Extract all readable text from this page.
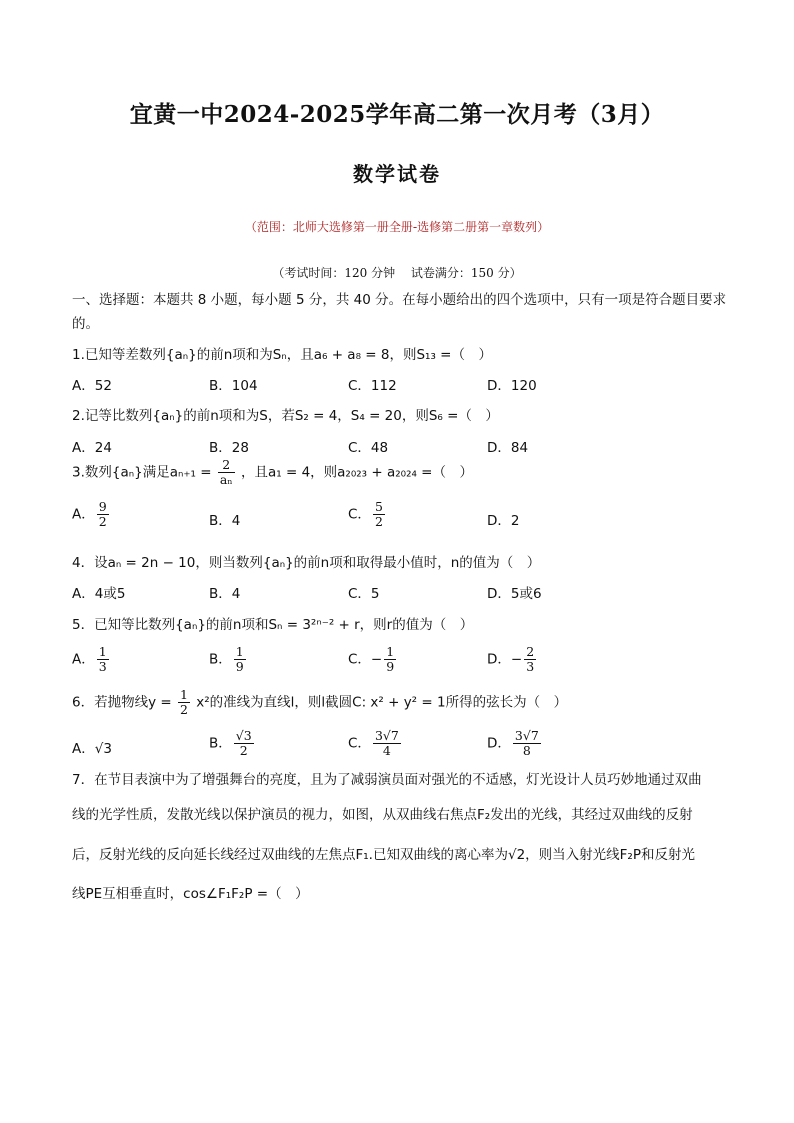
宜黄一中2024-2025学年高二第一次月考（3月）
数学试卷
（范围：北师大选修第一册全册-选修第二册第一章数列）
（考试时间：120 分钟　 试卷满分：150 分）
一、选择题：本题共 8 小题，每小题 5 分，共 40 分。在每小题给出的四个选项中，只有一项是符合题目要求的。
1.已知等差数列{aₙ}的前n项和为Sₙ，且a₆ + a₈ = 8，则S₁₃ =（　）
A．52	B．104	C．112	D．120
2.记等比数列{aₙ}的前n项和为S，若S₂ = 4，S₄ = 20，则S₆ =（　）
A．24	B．28	C．48	D．84
3.数列{aₙ}满足$a_{n+1} = \frac{2}{\text{aₙ}}$ ，且a₁ = 4，则a₂₀₂₃ + a₂₀₂₄ =（　）
A． $\frac{9}{2}$	B．4	C． $\frac{5}{2}$	D．2
4．设aₙ = 2n − 10，则当数列{aₙ}的前n项和取得最小值时，n的值为（　）
A．4或5	B．4	C．5	D．5或6
5．已知等比数列{aₙ}的前n项和Sₙ = 3²ⁿ⁻² + r，则r的值为（　）
A． $\frac{1}{3}$	B． $\frac{1}{9}$	C．− $\frac{1}{9}$	D．− $\frac{2}{3}$
6．若抛物线$y = \frac{1}{2} x^2$的准线为直线l，则l截圆C: x² + y² = 1所得的弦长为（　）
A．√3	B． $\frac{√3}{2}$	C． $\frac{3√7}{4}$	D． $\frac{3√7}{8}$
7．在节目表演中为了增强舞台的亮度，且为了减弱演员面对强光的不适感，灯光设计人员巧妙地通过双曲
线的光学性质，发散光线以保护演员的视力，如图，从双曲线右焦点F₂发出的光线，其经过双曲线的反射
后，反射光线的反向延长线经过双曲线的左焦点F₁.已知双曲线的离心率为√2，则当入射光线F₂P和反射光
线PE互相垂直时，cos∠F₁F₂P =（　）
